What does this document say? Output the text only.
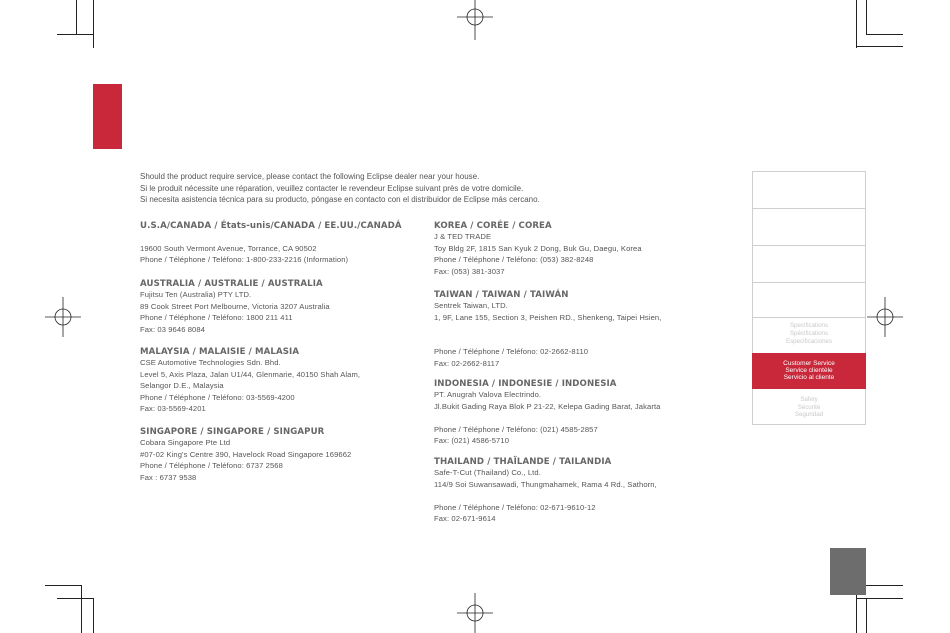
Should the product require service, please contact the following Eclipse dealer near your house.
Si le produit nécessite une réparation, veuillez contacter le revendeur Eclipse suivant près de votre domicile.
Si necesita asistencia técnica para su producto, póngase en contacto con el distribuidor de Eclipse más cercano.
U.S.A/CANADA / États-unis/CANADA / EE.UU./CANADÁ
19600 South Vermont Avenue, Torrance, CA 90502
Phone / Téléphone / Teléfono: 1-800-233-2216 (Information)
AUSTRALIA / AUSTRALIE / AUSTRALIA
Fujitsu Ten (Australia) PTY LTD.
89 Cook Street Port Melbourne, Victoria 3207 Australia
Phone / Téléphone / Teléfono: 1800 211 411
Fax: 03 9646 8084
MALAYSIA / MALAISIE / MALASIA
CSE Automotive Technologies Sdn. Bhd.
Level 5, Axis Plaza, Jalan U1/44, Glenmarie, 40150 Shah Alam,
Selangor D.E., Malaysia
Phone / Téléphone / Teléfono: 03-5569-4200
Fax: 03-5569-4201
SINGAPORE / SINGAPORE / SINGAPUR
Cobara Singapore Pte Ltd
#07-02 King's Centre 390, Havelock Road Singapore 169662
Phone / Téléphone / Teléfono: 6737 2568
Fax : 6737 9538
KOREA / CORÉE / COREA
J & TED TRADE
Toy Bldg 2F, 1815 San Kyuk 2 Dong, Buk Gu, Daegu, Korea
Phone / Téléphone / Teléfono: (053) 382-8248
Fax: (053) 381-3037
TAIWAN / TAIWAN / TAIWÁN
Sentrek Taiwan, LTD.
1, 9F, Lane 155, Section 3, Peishen RD., Shenkeng, Taipei Hsien,
Phone / Téléphone / Teléfono: 02-2662-8110
Fax: 02-2662-8117
INDONESIA / INDONESIE / INDONESIA
PT. Anugrah Valova Electrindo.
Jl.Bukit Gading Raya Blok P 21-22, Kelepa Gading Barat, Jakarta
Phone / Téléphone / Teléfono: (021) 4585-2857
Fax: (021) 4586-5710
THAILAND / THAÏLANDE / TAILANDIA
Safe-T-Cut (Thailand) Co., Ltd.
114/9 Soi Suwansawadi, Thungmahamek, Rama 4 Rd., Sathorn,
Phone / Téléphone / Teléfono: 02-671-9610-12
Fax: 02-671-9614
Specifications
Spécifications
Especificaciones
Safety
Sécurité
Seguridad
Customer Service
Service clientèle
Servicio al cliente
